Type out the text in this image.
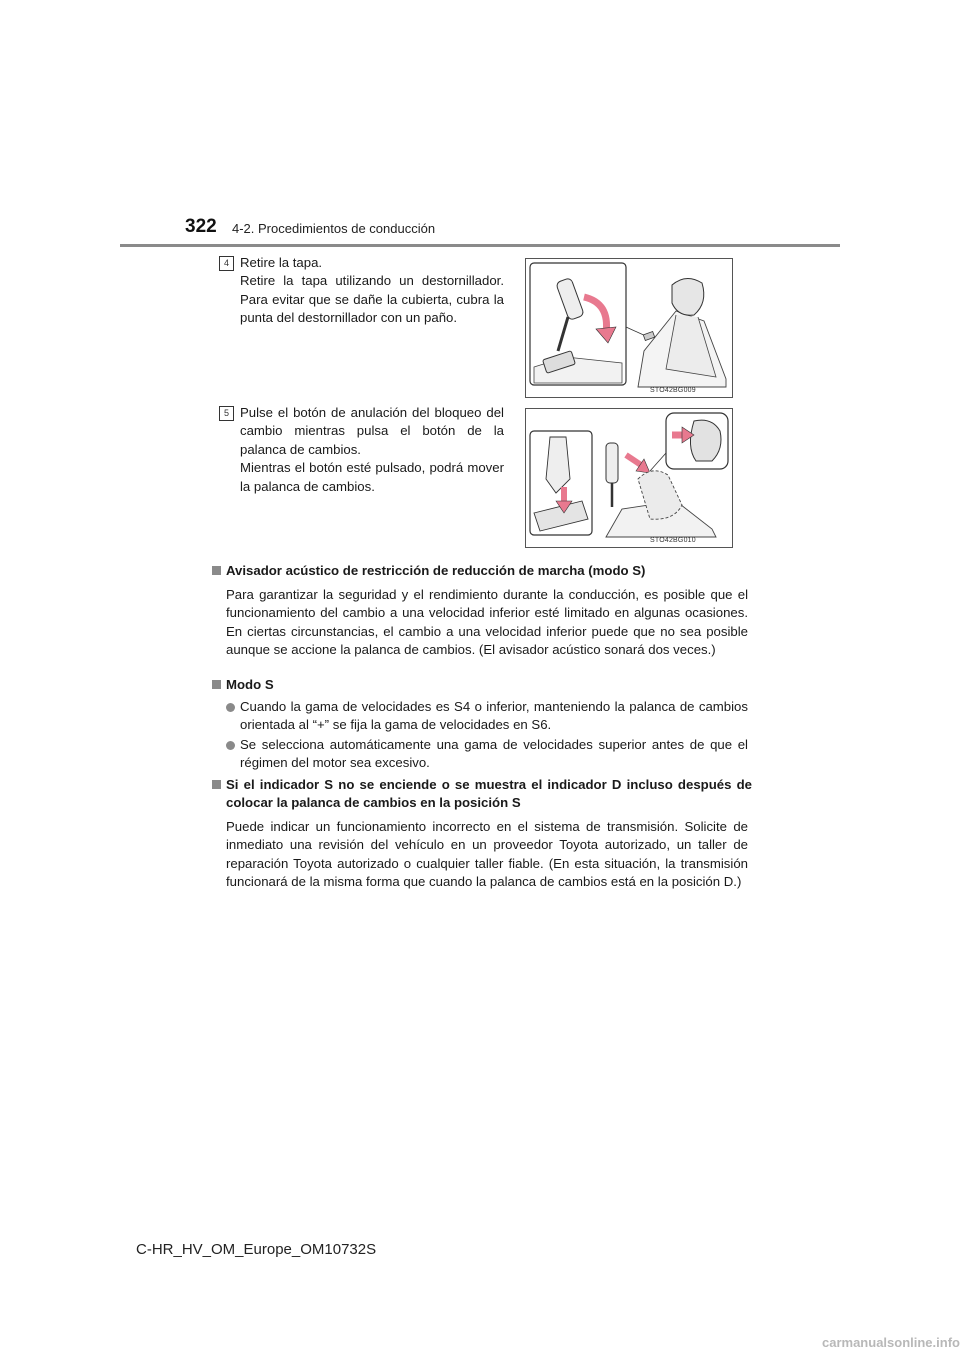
322 4-2. Procedimientos de conducción
4 Retire la tapa.
Retire la tapa utilizando un destornillador. Para evitar que se dañe la cubierta, cubra la punta del destornillador con un paño.
STO42BG009
5 Pulse el botón de anulación del bloqueo del cambio mientras pulsa el botón de la palanca de cambios.
Mientras el botón esté pulsado, podrá mover la palanca de cambios.
STO42BG010
Avisador acústico de restricción de reducción de marcha (modo S)
Para garantizar la seguridad y el rendimiento durante la conducción, es posible que el funcionamiento del cambio a una velocidad inferior esté limitado en algunas ocasiones. En ciertas circunstancias, el cambio a una velocidad inferior puede que no sea posible aunque se accione la palanca de cambios. (El avisador acústico sonará dos veces.)
Modo S
Cuando la gama de velocidades es S4 o inferior, manteniendo la palanca de cambios orientada al “+” se fija la gama de velocidades en S6.
Se selecciona automáticamente una gama de velocidades superior antes de que el régimen del motor sea excesivo.
Si el indicador S no se enciende o se muestra el indicador D incluso después de colocar la palanca de cambios en la posición S
Puede indicar un funcionamiento incorrecto en el sistema de transmisión. Solicite de inmediato una revisión del vehículo en un proveedor Toyota autorizado, un taller de reparación Toyota autorizado o cualquier taller fiable. (En esta situación, la transmisión funcionará de la misma forma que cuando la palanca de cambios está en la posición D.)
C-HR_HV_OM_Europe_OM10732S
carmanualsonline.info
